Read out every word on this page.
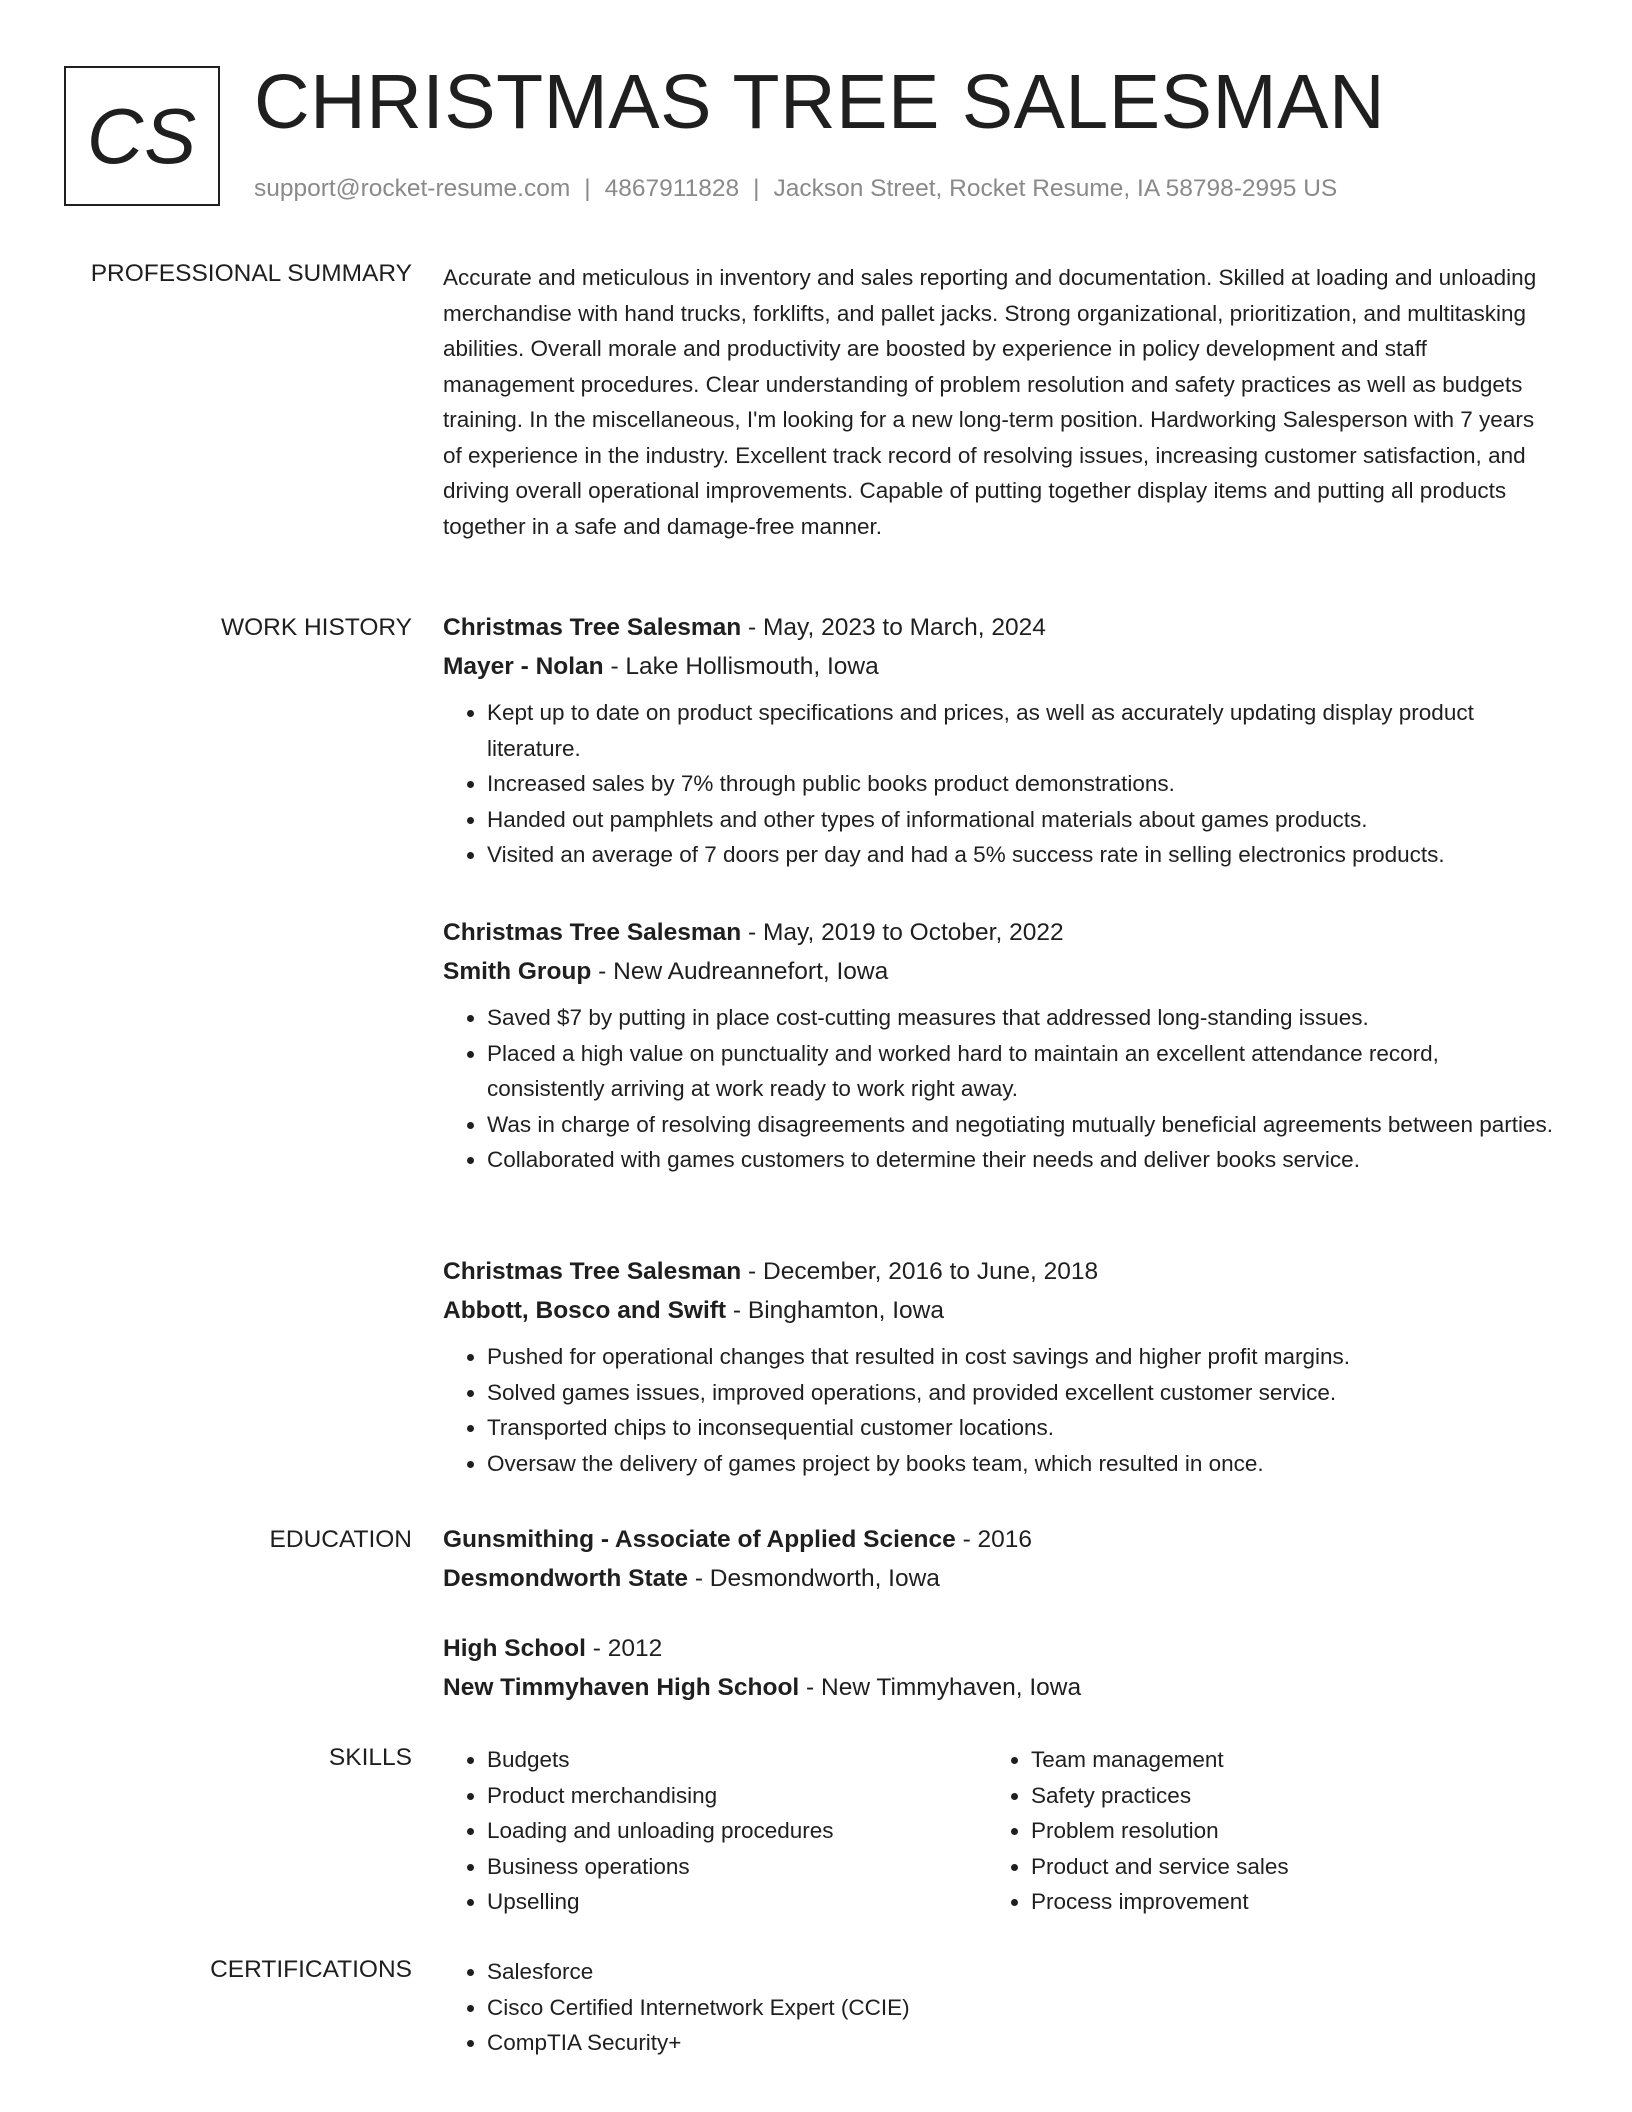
CS CHRISTMAS TREE SALESMAN
support@rocket-resume.com | 4867911828 | Jackson Street, Rocket Resume, IA 58798-2995 US
PROFESSIONAL SUMMARY Accurate and meticulous in inventory and sales reporting and documentation. Skilled at loading and unloading merchandise with hand trucks, forklifts, and pallet jacks. Strong organizational, prioritization, and multitasking abilities. Overall morale and productivity are boosted by experience in policy development and staff management procedures. Clear understanding of problem resolution and safety practices as well as budgets training. In the miscellaneous, I'm looking for a new long-term position. Hardworking Salesperson with 7 years of experience in the industry. Excellent track record of resolving issues, increasing customer satisfaction, and driving overall operational improvements. Capable of putting together display items and putting all products together in a safe and damage-free manner.

WORK HISTORY Christmas Tree Salesman - May, 2023 to March, 2024
Mayer - Nolan - Lake Hollismouth, Iowa
• Kept up to date on product specifications and prices, as well as accurately updating display product literature.
• Increased sales by 7% through public books product demonstrations.
• Handed out pamphlets and other types of informational materials about games products.
• Visited an average of 7 doors per day and had a 5% success rate in selling electronics products.
Christmas Tree Salesman - May, 2019 to October, 2022
Smith Group - New Audreannefort, Iowa
• Saved $7 by putting in place cost-cutting measures that addressed long-standing issues.
• Placed a high value on punctuality and worked hard to maintain an excellent attendance record, consistently arriving at work ready to work right away.
• Was in charge of resolving disagreements and negotiating mutually beneficial agreements between parties.
• Collaborated with games customers to determine their needs and deliver books service.
Christmas Tree Salesman - December, 2016 to June, 2018
Abbott, Bosco and Swift - Binghamton, Iowa
• Pushed for operational changes that resulted in cost savings and higher profit margins.
• Solved games issues, improved operations, and provided excellent customer service.
• Transported chips to inconsequential customer locations.
• Oversaw the delivery of games project by books team, which resulted in once.
EDUCATION Gunsmithing - Associate of Applied Science - 2016
Desmondworth State - Desmondworth, Iowa
High School - 2012
New Timmyhaven High School - New Timmyhaven, Iowa
SKILLS	• Budgets
• Product merchandising
• Loading and unloading procedures
• Business operations
• Upselling
• Team management
• Safety practices
• Problem resolution
• Product and service sales
• Process improvement
CERTIFICATIONS	• Salesforce
• Cisco Certified Internetwork Expert (CCIE)
• CompTIA Security+
